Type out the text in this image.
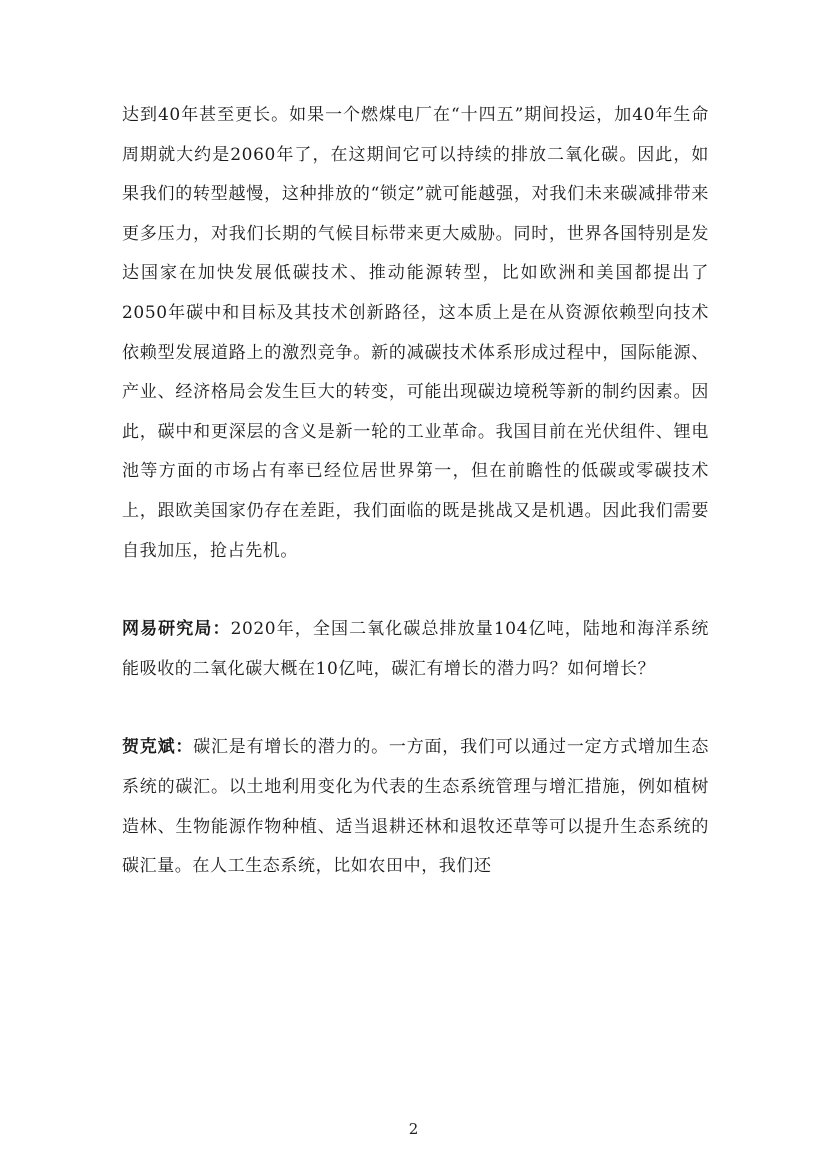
达到40年甚至更长。如果一个燃煤电厂在“十四五”期间投运，加40年生命周期就大约是2060年了，在这期间它可以持续的排放二氧化碳。因此，如果我们的转型越慢，这种排放的“锁定”就可能越强，对我们未来碳减排带来更多压力，对我们长期的气候目标带来更大威胁。同时，世界各国特别是发达国家在加快发展低碳技术、推动能源转型，比如欧洲和美国都提出了2050年碳中和目标及其技术创新路径，这本质上是在从资源依赖型向技术依赖型发展道路上的激烈竞争。新的减碳技术体系形成过程中，国际能源、产业、经济格局会发生巨大的转变，可能出现碳边境税等新的制约因素。因此，碳中和更深层的含义是新一轮的工业革命。我国目前在光伏组件、锂电池等方面的市场占有率已经位居世界第一，但在前瞻性的低碳或零碳技术上，跟欧美国家仍存在差距，我们面临的既是挑战又是机遇。因此我们需要自我加压，抢占先机。

网易研究局：2020年，全国二氧化碳总排放量104亿吨，陆地和海洋系统能吸收的二氧化碳大概在10亿吨，碳汇有增长的潜力吗？如何增长？

贺克斌：碳汇是有增长的潜力的。一方面，我们可以通过一定方式增加生态系统的碳汇。以土地利用变化为代表的生态系统管理与增汇措施，例如植树造林、生物能源作物种植、适当退耕还林和退牧还草等可以提升生态系统的碳汇量。在人工生态系统，比如农田中，我们还

2
